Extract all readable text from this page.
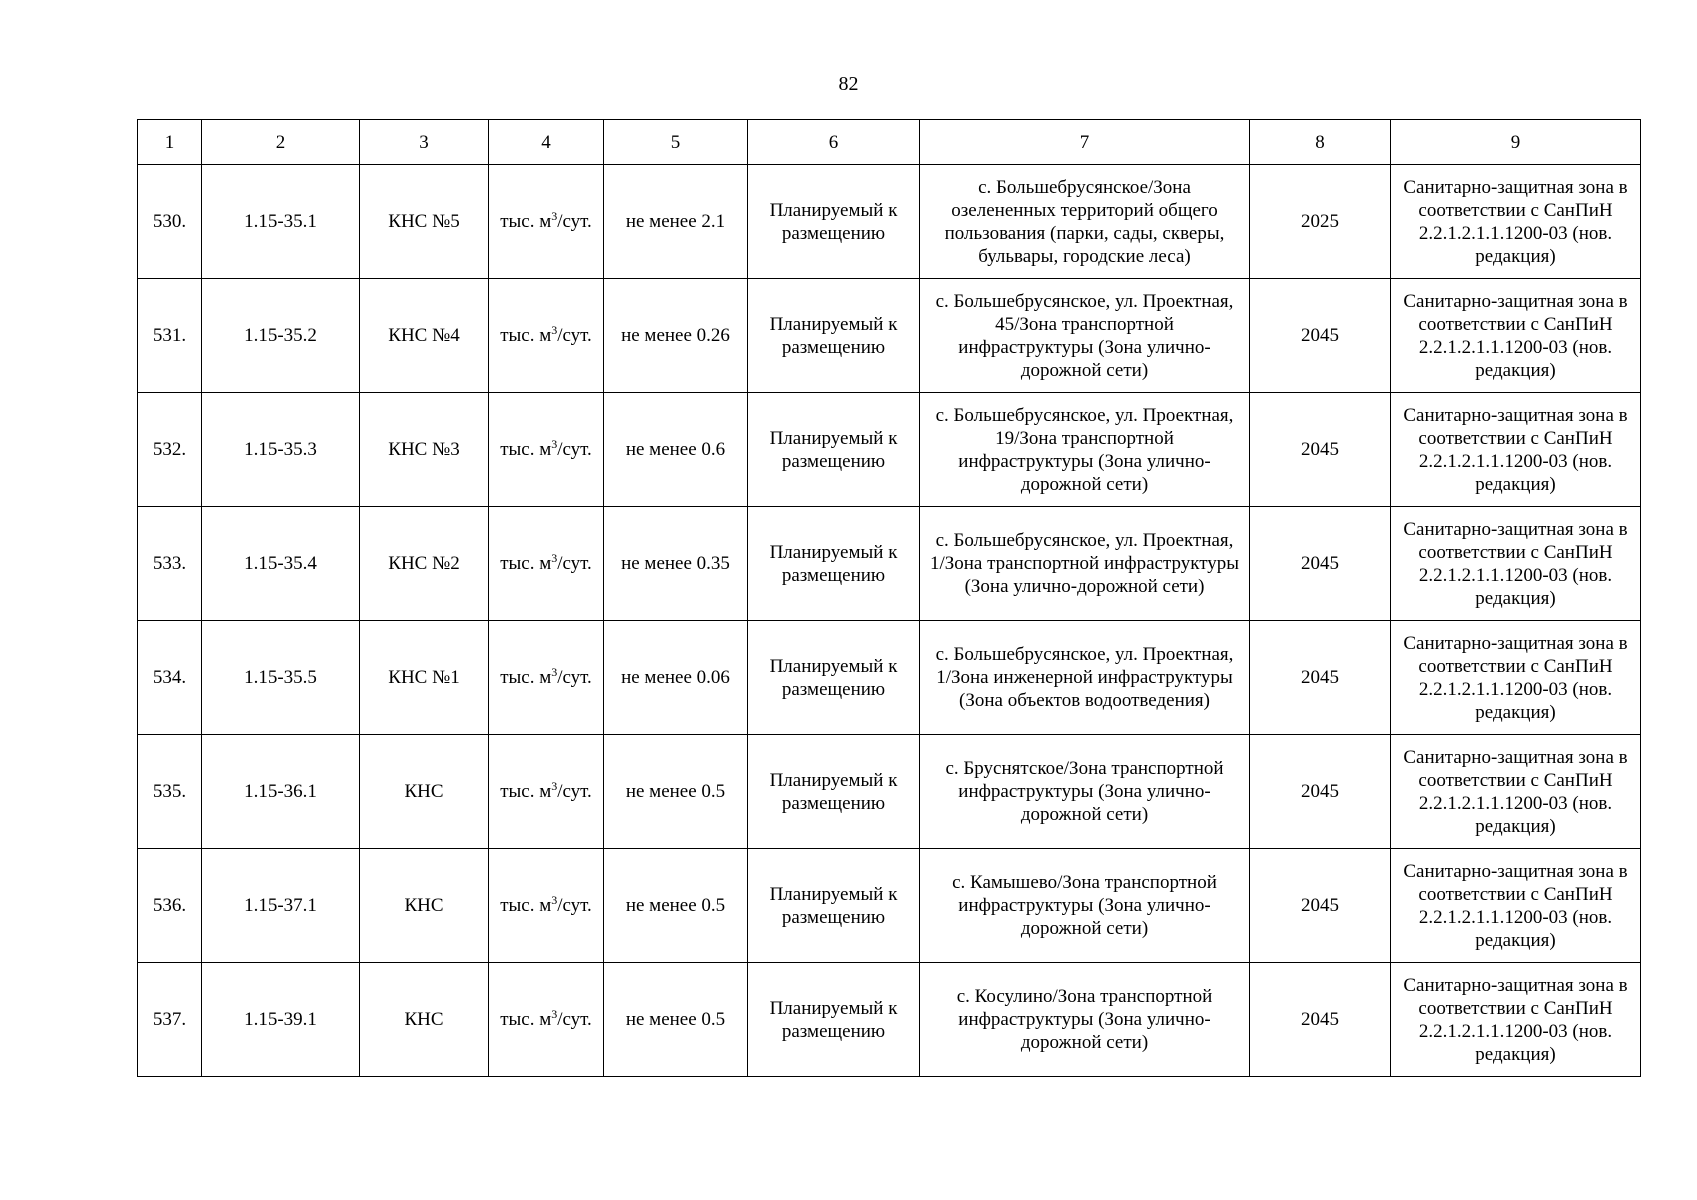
82
1	2	3	4	5	6	7	8	9
530.	1.15-35.1	КНС №5	тыс. $м^3$/сут.	не менее 2.1	Планируемый к размещению	с. Большебрусянское/Зона озелененных территорий общего пользования (парки, сады, скверы, бульвары, городские леса)	2025	Санитарно-защитная зона в соответствии с СанПиН 2.2.1.2.1.1.1200-03 (нов. редакция)
531.	1.15-35.2	КНС №4	тыс. $м^3$/сут.	не менее 0.26	Планируемый к размещению	с. Большебрусянское, ул. Проектная, 45/Зона транспортной инфраструктуры (Зона улично-дорожной сети)	2045	Санитарно-защитная зона в соответствии с СанПиН 2.2.1.2.1.1.1200-03 (нов. редакция)
532.	1.15-35.3	КНС №3	тыс. $м^3$/сут.	не менее 0.6	Планируемый к размещению	с. Большебрусянское, ул. Проектная, 19/Зона транспортной инфраструктуры (Зона улично-дорожной сети)	2045	Санитарно-защитная зона в соответствии с СанПиН 2.2.1.2.1.1.1200-03 (нов. редакция)
533.	1.15-35.4	КНС №2	тыс. $м^3$/сут.	не менее 0.35	Планируемый к размещению	с. Большебрусянское, ул. Проектная, 1/Зона транспортной инфраструктуры (Зона улично-дорожной сети)	2045	Санитарно-защитная зона в соответствии с СанПиН 2.2.1.2.1.1.1200-03 (нов. редакция)
534.	1.15-35.5	КНС №1	тыс. $м^3$/сут.	не менее 0.06	Планируемый к размещению	с. Большебрусянское, ул. Проектная, 1/Зона инженерной инфраструктуры (Зона объектов водоотведения)	2045	Санитарно-защитная зона в соответствии с СанПиН 2.2.1.2.1.1.1200-03 (нов. редакция)
535.	1.15-36.1	КНС	тыс. $м^3$/сут.	не менее 0.5	Планируемый к размещению	с. Бруснятское/Зона транспортной инфраструктуры (Зона улично-дорожной сети)	2045	Санитарно-защитная зона в соответствии с СанПиН 2.2.1.2.1.1.1200-03 (нов. редакция)
536.	1.15-37.1	КНС	тыс. $м^3$/сут.	не менее 0.5	Планируемый к размещению	с. Камышево/Зона транспортной инфраструктуры (Зона улично-дорожной сети)	2045	Санитарно-защитная зона в соответствии с СанПиН 2.2.1.2.1.1.1200-03 (нов. редакция)
537.	1.15-39.1	КНС	тыс. $м^3$/сут.	не менее 0.5	Планируемый к размещению	с. Косулино/Зона транспортной инфраструктуры (Зона улично-дорожной сети)	2045	Санитарно-защитная зона в соответствии с СанПиН 2.2.1.2.1.1.1200-03 (нов. редакция)
